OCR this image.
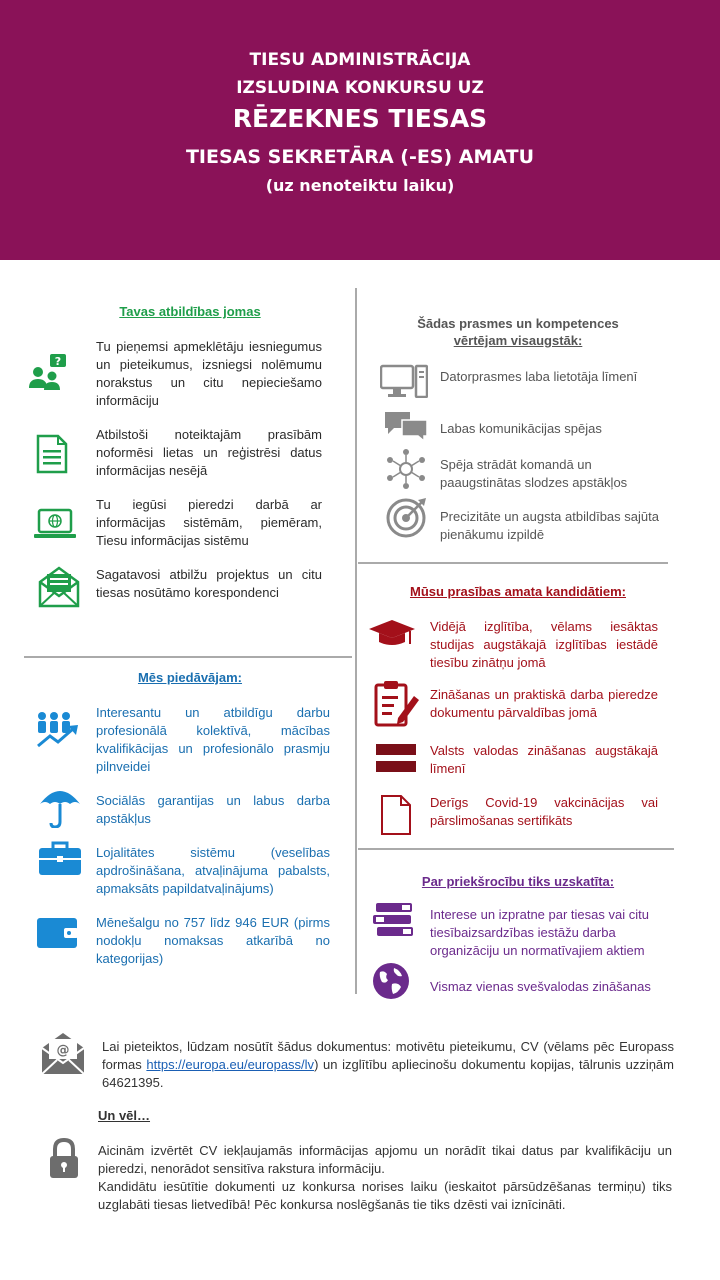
TIESU ADMINISTRĀCIJA
IZSLUDINA KONKURSU UZ
RĒZEKNES TIESAS
TIESAS SEKRETĀRA (-ES) AMATU
(uz nenoteiktu laiku)
Tavas atbildības jomas
?
Tu pieņemsi apmeklētāju iesniegumus un pieteikumus, izsniegsi nolēmumu norakstus un citu nepieciešamo informāciju
Atbilstoši noteiktajām prasībām noformēsi lietas un reģistrēsi datus informācijas nesējā
Tu iegūsi pieredzi darbā ar informācijas sistēmām, piemēram, Tiesu informācijas sistēmu
Sagatavosi atbilžu projektus un citu tiesas nosūtāmo korespondenci
Mēs piedāvājam:
Interesantu un atbildīgu darbu profesionālā kolektīvā, mācības kvalifikācijas un profesionālo prasmju pilnveidei
Sociālās garantijas un labus darba apstākļus
Lojalitātes sistēmu (veselības apdrošināšana, atvaļinājuma pabalsts, apmaksāts papildatvaļinājums)
Mēnešalgu no 757 līdz 946 EUR (pirms nodokļu nomaksas atkarībā no kategorijas)
Šādas prasmes un kompetences
vērtējam visaugstāk:
Datorprasmes laba lietotāja līmenī
Labas komunikācijas spējas
Spēja strādāt komandā un paaugstinātas slodzes apstākļos
Precizitāte un augsta atbildības sajūta pienākumu izpildē
Mūsu prasības amata kandidātiem:
Vidējā izglītība, vēlams iesāktas studijas augstākajā izglītības iestādē tiesību zinātņu jomā
Zināšanas un praktiskā darba pieredze dokumentu pārvaldības jomā
Valsts valodas zināšanas augstākajā līmenī
Derīgs Covid-19 vakcinācijas vai pārslimošanas sertifikāts
Par priekšrocību tiks uzskatīta:
Interese un izpratne par tiesas vai citu tiesībaizsardzības iestāžu darba organizāciju un normatīvajiem aktiem
Vismaz vienas svešvalodas zināšanas
@	Lai pieteiktos, lūdzam nosūtīt šādus dokumentus: motivētu pieteikumu, CV (vēlams pēc Europass formas https://europa.eu/europass/lv) un izglītību apliecinošu dokumentu kopijas, tālrunis uzziņām 64621395.
Un vēl…
Aicinām izvērtēt CV iekļaujamās informācijas apjomu un norādīt tikai datus par kvalifikāciju un pieredzi, nenorādot sensitīva rakstura informāciju.
Kandidātu iesūtītie dokumenti uz konkursa norises laiku (ieskaitot pārsūdzēšanas termiņu) tiks uzglabāti tiesas lietvedībā! Pēc konkursa noslēgšanās tie tiks dzēsti vai iznīcināti.
